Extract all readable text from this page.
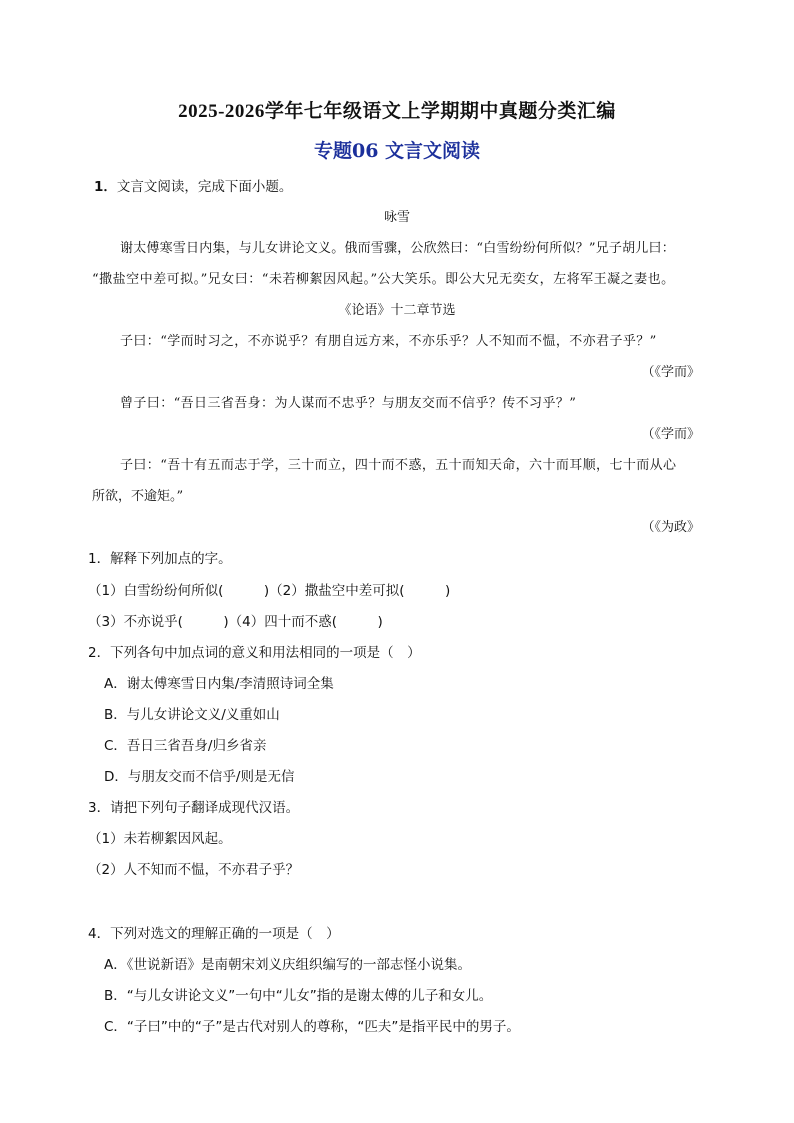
2025-2026学年七年级语文上学期期中真题分类汇编
专题06 文言文阅读
1．文言文阅读，完成下面小题。
咏雪
谢太傅寒雪日内集，与儿女讲论文义。俄而雪骤，公欣然曰：“白雪纷纷何所似？”兄子胡儿曰：
“撒盐空中差可拟。”兄女曰：“未若柳絮因风起。”公大笑乐。即公大兄无奕女，左将军王凝之妻也。
《论语》十二章节选
子曰：“学而时习之，不亦说乎？有朋自远方来，不亦乐乎？人不知而不愠，不亦君子乎？”
（《学而》
曾子曰：“吾日三省吾身：为人谋而不忠乎？与朋友交而不信乎？传不习乎？”
（《学而》
子曰：“吾十有五而志于学，三十而立，四十而不惑，五十而知天命，六十而耳顺，七十而从心
所欲，不逾矩。”
（《为政》
1．解释下列加点的字。
（1）白雪纷纷何所似(　　　)（2）撒盐空中差可拟(　　　)
（3）不亦说乎(　　　)（4）四十而不惑(　　　)
2．下列各句中加点词的意义和用法相同的一项是（　）
A．谢太傅寒雪日内集/李清照诗词全集
B．与儿女讲论文义/义重如山
C．吾日三省吾身/归乡省亲
D．与朋友交而不信乎/则是无信
3．请把下列句子翻译成现代汉语。
（1）未若柳絮因风起。
（2）人不知而不愠，不亦君子乎？
4．下列对选文的理解正确的一项是（　）
A．《世说新语》是南朝宋刘义庆组织编写的一部志怪小说集。
B．“与儿女讲论文义”一句中“儿女”指的是谢太傅的儿子和女儿。
C．“子曰”中的“子”是古代对别人的尊称，“匹夫”是指平民中的男子。
